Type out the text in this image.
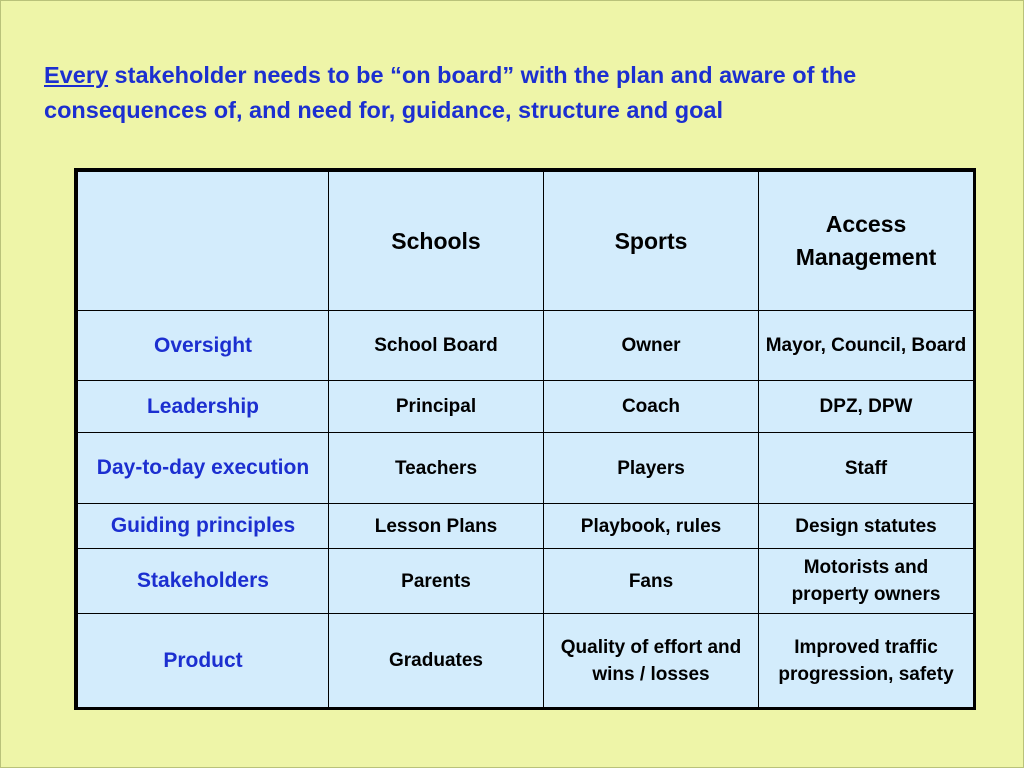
Every stakeholder needs to be “on board” with the plan and aware of the consequences of, and need for, guidance, structure and goal
	Schools	Sports	Access Management
Oversight	School Board	Owner	Mayor, Council, Board
Leadership	Principal	Coach	DPZ, DPW
Day-to-day execution	Teachers	Players	Staff
Guiding principles	Lesson Plans	Playbook, rules	Design statutes
Stakeholders	Parents	Fans	Motorists and property owners
Product	Graduates	Quality of effort and wins / losses	Improved traffic progression, safety
